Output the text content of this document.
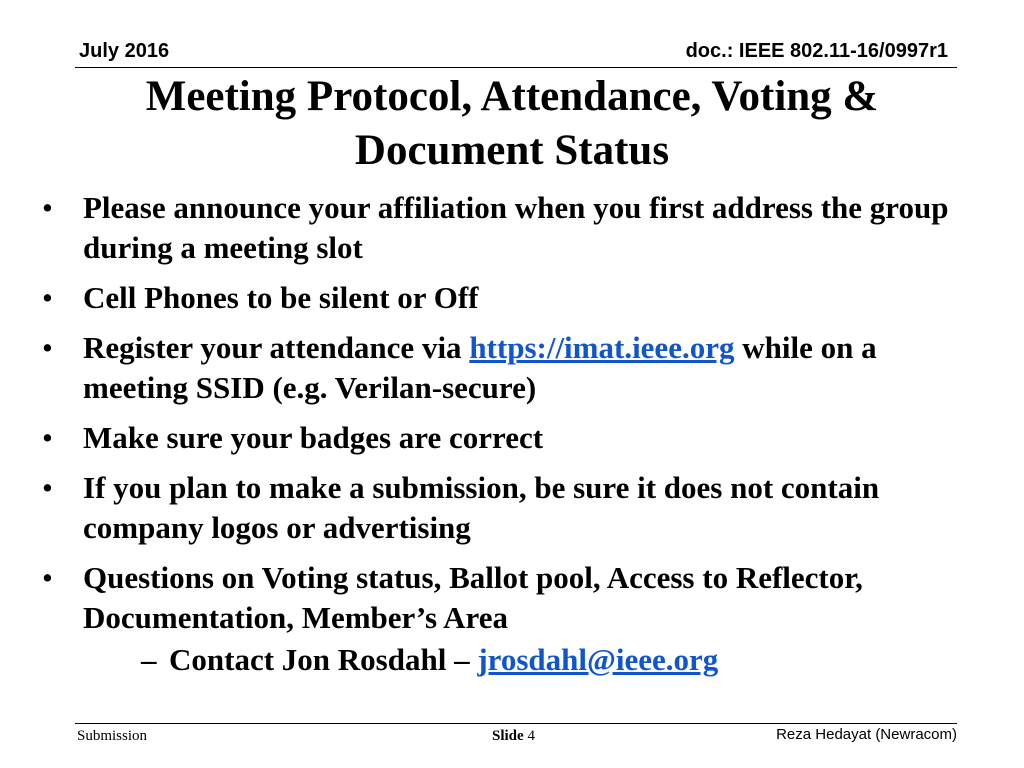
July 2016	doc.: IEEE 802.11-16/0997r1
Meeting Protocol, Attendance, Voting &
Document Status
• Please announce your affiliation when you first address the group during a meeting slot
• Cell Phones to be silent or Off
• Register your attendance via https://imat.ieee.org while on a meeting SSID (e.g. Verilan-secure)
• Make sure your badges are correct
• If you plan to make a submission, be sure it does not contain company logos or advertising
• Questions on Voting status, Ballot pool, Access to Reflector, Documentation, Member’s Area
– Contact Jon Rosdahl – jrosdahl@ieee.org
Submission	Slide 4	Reza Hedayat (Newracom)
